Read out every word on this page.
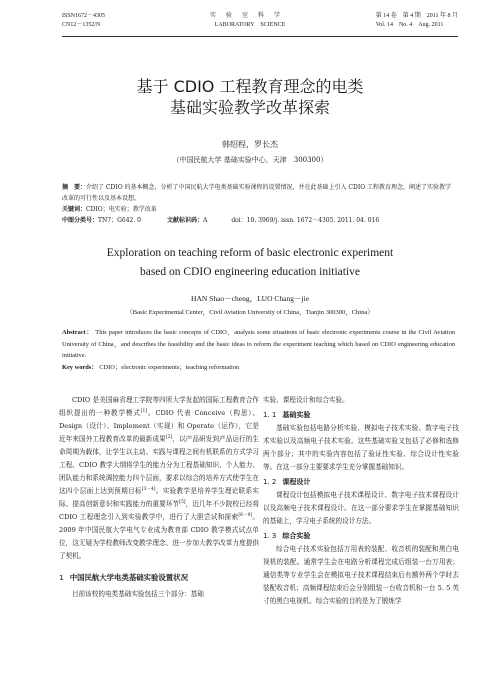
ISSN1672－4305
CN12－1352/N
实验室科学
LABORATORY　SCIENCE
第 14 卷　第 4 期　2011 年 8 月
Vol. 14　No. 4　Aug. 2011
基于 CDIO 工程教育理念的电类
基础实验教学改革探索
韩绍程，罗长杰
（中国民航大学 基础实验中心，天津　300300）
摘　要：介绍了 CDIO 的基本概念，分析了中国民航大学电类基础实验课程的设置情况，并在此基础上引入 CDIO 工程教育理念，阐述了实验教学改革的可行性以及基本设想。
关键词：CDIO；电实验；教学改革
中图分类号：TN7；G642. 0	文献标识码：A	doi：10. 3969/j. issn. 1672－4305. 2011. 04. 016
Exploration on teaching reform of basic electronic experiment
based on CDIO engineering education initiative
HAN Shao－cheng，LUO Chang－jie
（Basic Experimental Center，Civil Aviation University of China，Tianjin 300300，China）
Abstract： This paper introduces the basic concepts of CDIO，analysis some situations of basic electronic experiments course in the Civil Aviation University of China，and describes the feasibility and the basic ideas to reform the experiment teaching which based on CDIO engineering education initiative.
Key words： CDIO；electronic experiments；teaching reformation

CDIO 是美国麻省理工学院等四所大学发起的国际工程教育合作组织提出的一种教学模式[1]。CDIO 代表 Conceive（构思）、Design（设计）、Implement（实现）和 Operate（运作），它是近年来国外工程教育改革的最新成果[2]，以产品研发到产品运行的生命周期为载体，让学生以主动、实践与课程之间有机联系的方式学习工程。CDIO 教学大纲将学生的能力分为工程基础知识、个人能力、团队能力和系统调控能力四个层面，要求以综合的培养方式使学生在这四个层面上达到预期目标[3－4]。实验教学是培养学生理论联系实际、提高创新意识和实践能力的重要环节[5]，近几年不少院校已经将 CDIO 工程理念引入到实验教学中，进行了大胆尝试和探索[6－9]。2009 年中国民航大学电气专业成为教育部 CDIO 教学模式试点单位，这无疑为学校教师改变教学理念、进一步加大教学改革力度提供了契机。

1 中国民航大学电类基础实验设置状况

目前该校的电类基础实验包括三个部分：基础

实验、课程设计和综合实验。

1. 1 基础实验

基础实验包括电路分析实验、模拟电子技术实验、数字电子技术实验以及高频电子技术实验。这些基础实验又包括了必修和选修两个部分；其中的实验内容包括了验证性实验、综合设计性实验等。在这一部分主要要求学生充分掌握基础知识。

1. 2 课程设计

课程设计包括模拟电子技术课程设计、数字电子技术课程设计以及高频电子技术课程设计。在这一部分要求学生在掌握基础知识的基础上，学习电子系统的设计方法。

1. 3 综合实验

综合电子技术实验包括万用表的装配、收音机的装配和黑白电视机的装配。通常学生会在电路分析课程完成后组装一台万用表；通信类等专业学生会在模拟电子技术课程结束后有额外两个学时去装配收音机；高频课程结束后会分别组装一台收音机和一台 5. 5 英寸的黑白电视机。综合实验的目的是为了锻炼学
